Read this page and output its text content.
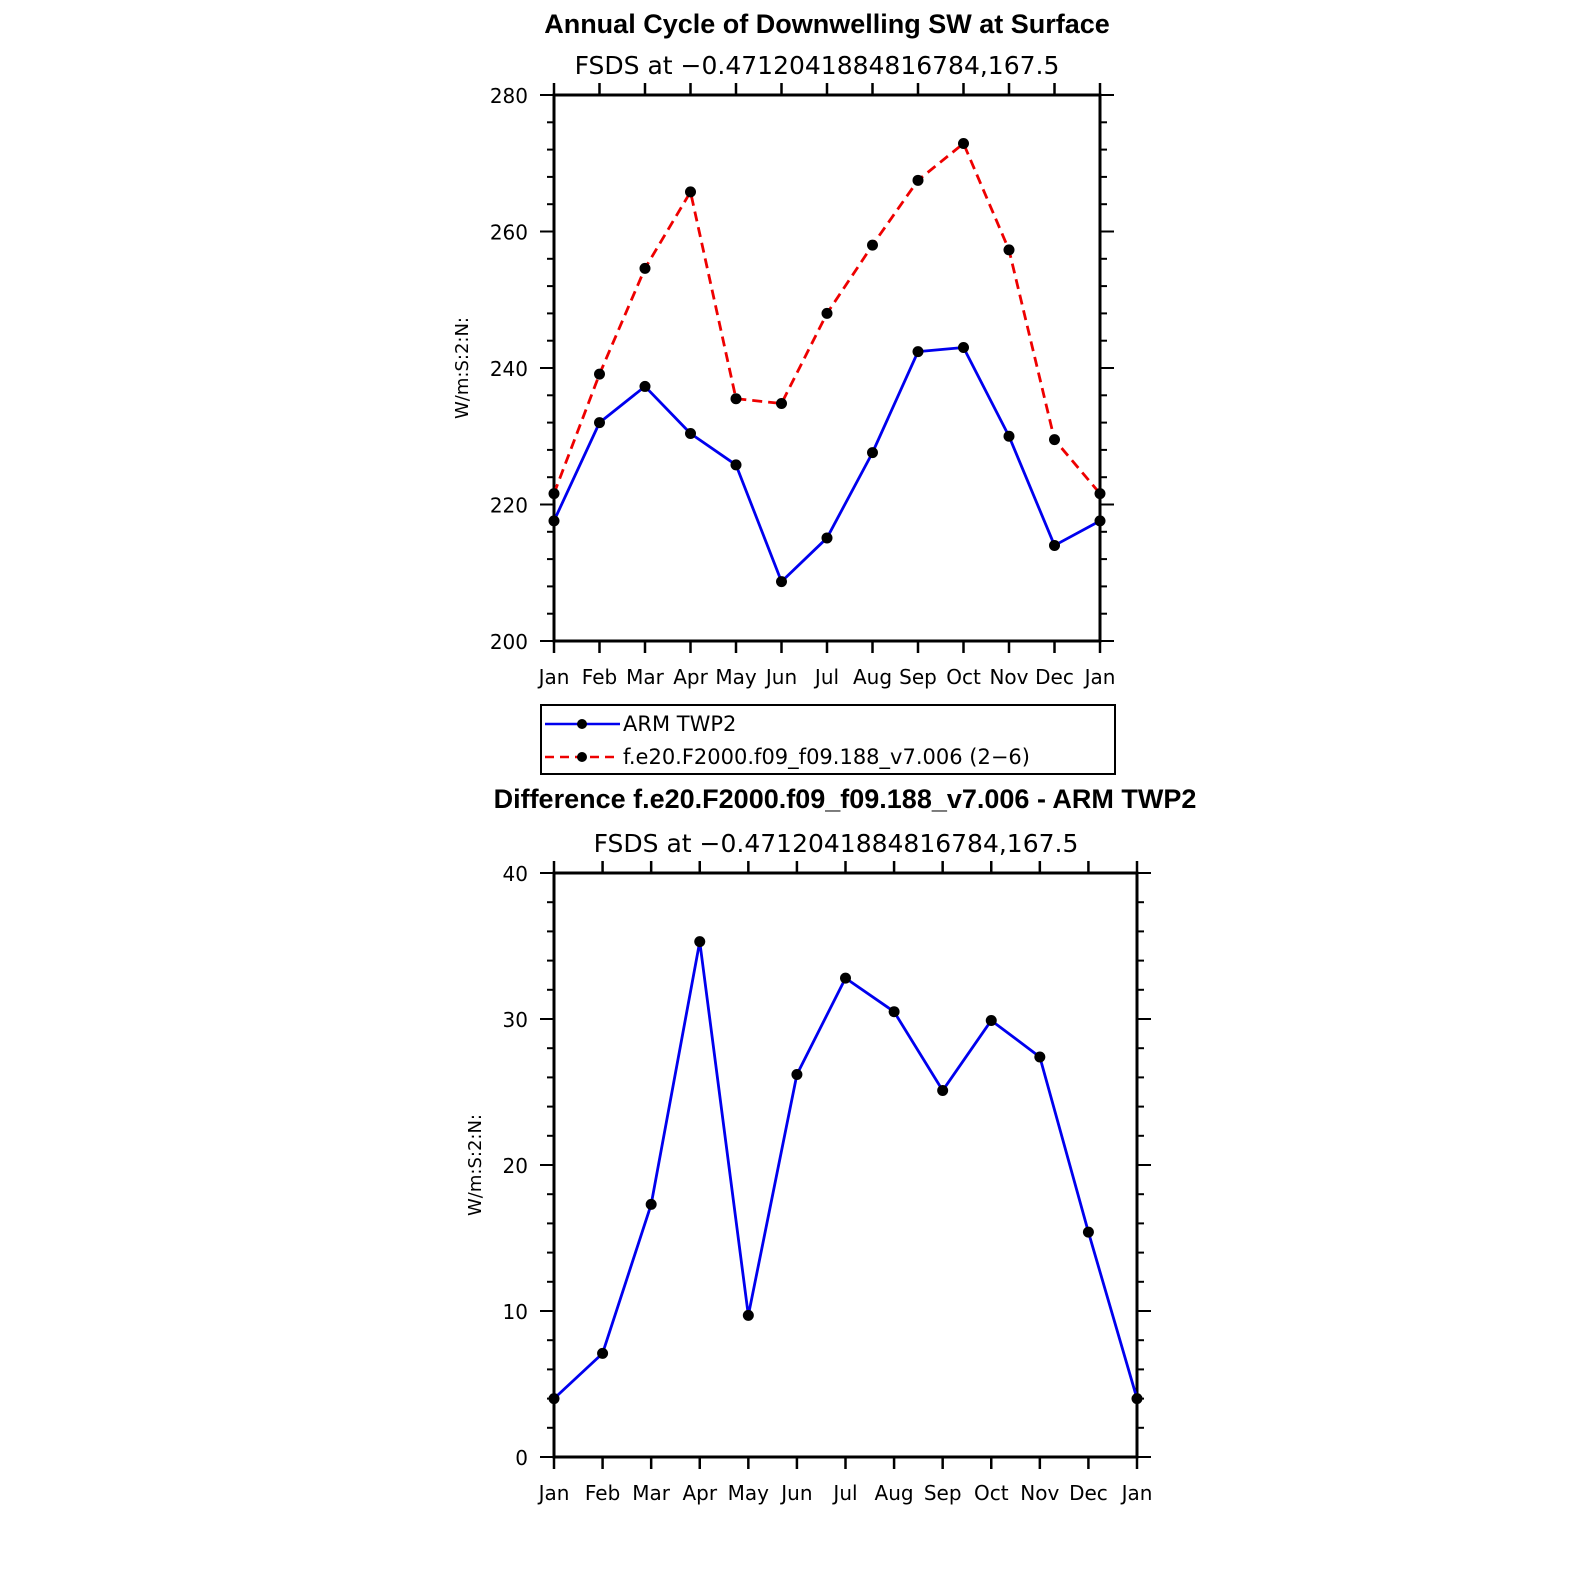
Annual Cycle of Downwelling SW at Surface
FSDS at −0.4712041884816784,167.5
W/m:S:2:N:
Jan Feb Mar Apr May Jun Jul Aug Sep Oct Nov Dec Jan
200
220
240
260
280
ARM TWP2
f.e20.F2000.f09_f09.188_v7.006 (2−6)
Difference f.e20.F2000.f09_f09.188_v7.006 - ARM TWP2
FSDS at −0.4712041884816784,167.5
W/m:S:2:N:
Jan Feb Mar Apr May Jun Jul Aug Sep Oct Nov Dec Jan
0
10
20
30
40
